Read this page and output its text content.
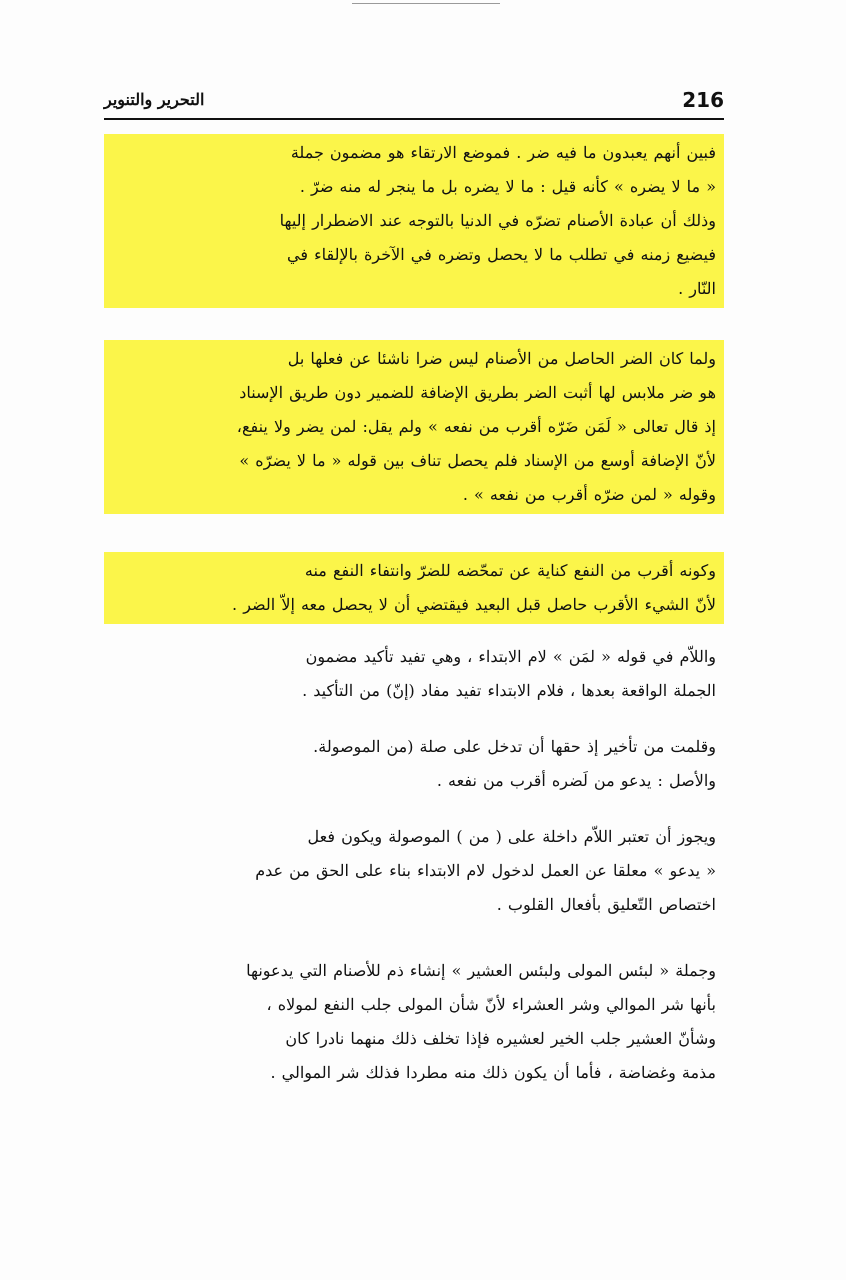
216
التحرير والتنوير
فبين أنهم يعبدون ما فيه ضر . فموضع الارتقاء هو مضمون جملة
« ما لا يضره » كأنه قيل : ما لا يضره بل ما ينجر له منه ضرّ .
وذلك أن عبادة الأصنام تضرّه في الدنيا بالتوجه عند الاضطرار إليها
فيضيع زمنه في تطلب ما لا يحصل وتضره في الآخرة بالإلقاء في
النّار .
ولما كان الضر الحاصل من الأصنام ليس ضرا ناشئا عن فعلها بل
هو ضر ملابس لها أثبت الضر بطريق الإضافة للضمير دون طريق الإسناد
إذ قال تعالى « لَمَن ضَرّه أقرب من نفعه » ولم يقل: لمن يضر ولا ينفع،
لأنّ الإضافة أوسع من الإسناد فلم يحصل تناف بين قوله « ما لا يضرّه »
وقوله « لمن ضرّه أقرب من نفعه » .
وكونه أقرب من النفع كناية عن تمحّضه للضرّ وانتفاء النفع منه
لأنّ الشيء الأقرب حاصل قبل البعيد فيقتضي أن لا يحصل معه إلاّ الضر .
واللاّم في قوله « لمَن » لام الابتداء ، وهي تفيد تأكيد مضمون
الجملة الواقعة بعدها ، فلام الابتداء تفيد مفاد (إنّ) من التأكيد .
وقلمت من تأخير إذ حقها أن تدخل على صلة (من الموصولة.
والأصل : يدعو من لَضره أقرب من نفعه .
ويجوز أن تعتبر اللاّم داخلة على ( من ) الموصولة ويكون فعل
« يدعو » معلقا عن العمل لدخول لام الابتداء بناء على الحق من عدم
اختصاص التّعليق بأفعال القلوب .
وجملة « لبئس المولى ولبئس العشير » إنشاء ذم للأصنام التي يدعونها
بأنها شر الموالي وشر العشراء لأنّ شأن المولى جلب النفع لمولاه ،
وشأنّ العشير جلب الخير لعشيره فإذا تخلف ذلك منهما نادرا كان
مذمة وغضاضة ، فأما أن يكون ذلك منه مطردا فذلك شر الموالي .
